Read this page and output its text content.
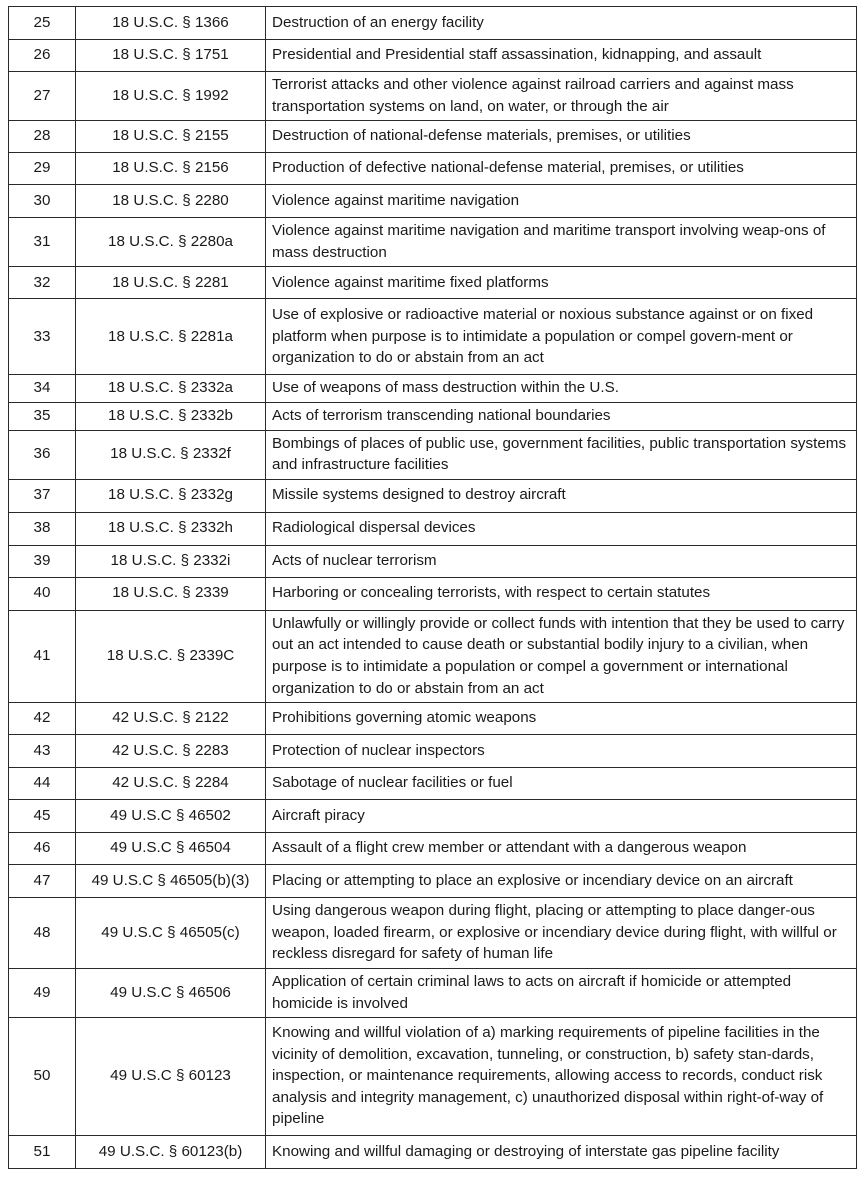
25	18 U.S.C. § 1366	Destruction of an energy facility
26	18 U.S.C. § 1751	Presidential and Presidential staff assassination, kidnapping, and assault
27	18 U.S.C. § 1992	Terrorist attacks and other violence against railroad carriers and against mass transportation systems on land, on water, or through the air
28	18 U.S.C. § 2155	Destruction of national-defense materials, premises, or utilities
29	18 U.S.C. § 2156	Production of defective national-defense material, premises, or utilities
30	18 U.S.C. § 2280	Violence against maritime navigation
31	18 U.S.C. § 2280a	Violence against maritime navigation and maritime transport involving weap-ons of mass destruction
32	18 U.S.C. § 2281	Violence against maritime fixed platforms
33	18 U.S.C. § 2281a	Use of explosive or radioactive material or noxious substance against or on fixed platform when purpose is to intimidate a population or compel govern-ment or organization to do or abstain from an act
34	18 U.S.C. § 2332a	Use of weapons of mass destruction within the U.S.
35	18 U.S.C. § 2332b	Acts of terrorism transcending national boundaries
36	18 U.S.C. § 2332f	Bombings of places of public use, government facilities, public transportation systems and infrastructure facilities
37	18 U.S.C. § 2332g	Missile systems designed to destroy aircraft
38	18 U.S.C. § 2332h	Radiological dispersal devices
39	18 U.S.C. § 2332i	Acts of nuclear terrorism
40	18 U.S.C. § 2339	Harboring or concealing terrorists, with respect to certain statutes
41	18 U.S.C. § 2339C	Unlawfully or willingly provide or collect funds with intention that they be used to carry out an act intended to cause death or substantial bodily injury to a civilian, when purpose is to intimidate a population or compel a government or international organization to do or abstain from an act
42	42 U.S.C. § 2122	Prohibitions governing atomic weapons
43	42 U.S.C. § 2283	Protection of nuclear inspectors
44	42 U.S.C. § 2284	Sabotage of nuclear facilities or fuel
45	49 U.S.C § 46502	Aircraft piracy
46	49 U.S.C § 46504	Assault of a flight crew member or attendant with a dangerous weapon
47	49 U.S.C § 46505(b)(3)	Placing or attempting to place an explosive or incendiary device on an aircraft
48	49 U.S.C § 46505(c)	Using dangerous weapon during flight, placing or attempting to place danger-ous weapon, loaded firearm, or explosive or incendiary device during flight, with willful or reckless disregard for safety of human life
49	49 U.S.C § 46506	Application of certain criminal laws to acts on aircraft if homicide or attempted homicide is involved
50	49 U.S.C § 60123	Knowing and willful violation of a) marking requirements of pipeline facilities in the vicinity of demolition, excavation, tunneling, or construction, b) safety stan-dards, inspection, or maintenance requirements, allowing access to records, conduct risk analysis and integrity management, c) unauthorized disposal within right-of-way of pipeline
51	49 U.S.C. § 60123(b)	Knowing and willful damaging or destroying of interstate gas pipeline facility
